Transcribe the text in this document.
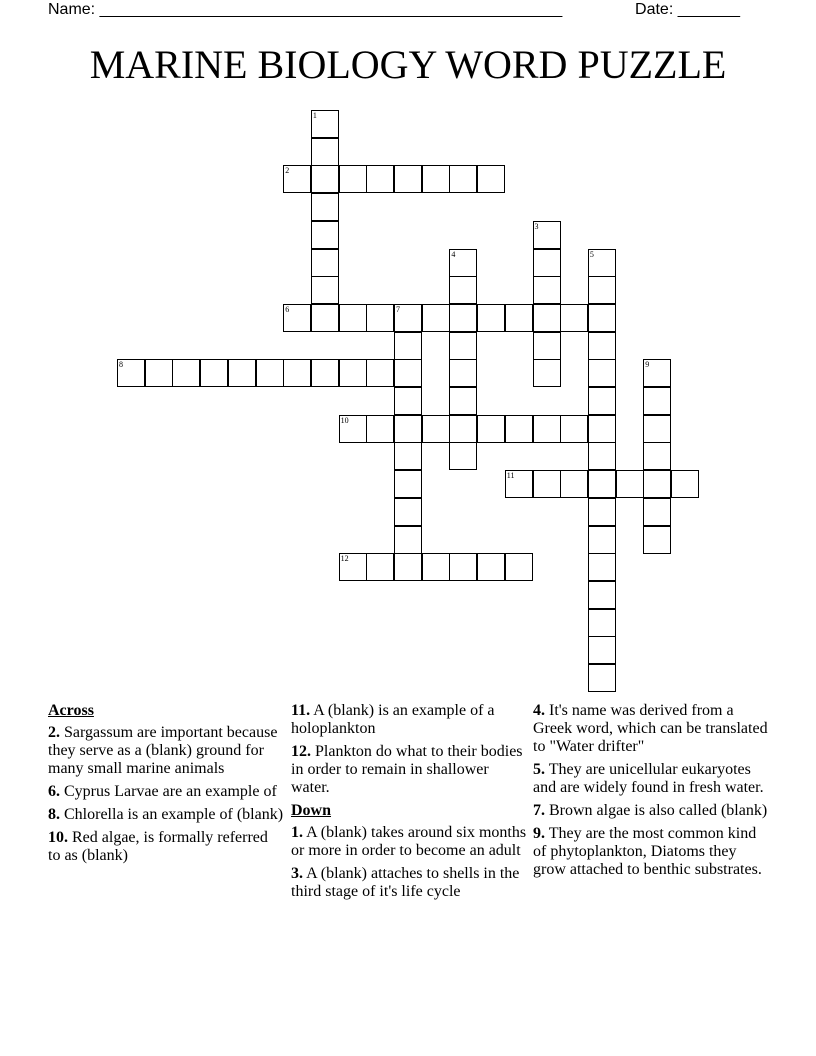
Name: ____________________________________________________	Date: _______
MARINE BIOLOGY WORD PUZZLE
1
2
3
4	5
6	7
8	9
10
11
12

Across

2. Sargassum are important because they serve as a (blank) ground for many small marine animals

6. Cyprus Larvae are an example of

8. Chlorella is an example of (blank)

10. Red algae, is formally referred to as (blank)

11. A (blank) is an example of a holoplankton

12. Plankton do what to their bodies in order to remain in shallower water.

Down

1. A (blank) takes around six months or more in order to become an adult

3. A (blank) attaches to shells in the third stage of it's life cycle

4. It's name was derived from a Greek word, which can be translated to "Water drifter"

5. They are unicellular eukaryotes and are widely found in fresh water.

7. Brown algae is also called (blank)

9. They are the most common kind of phytoplankton, Diatoms they grow attached to benthic substrates.
